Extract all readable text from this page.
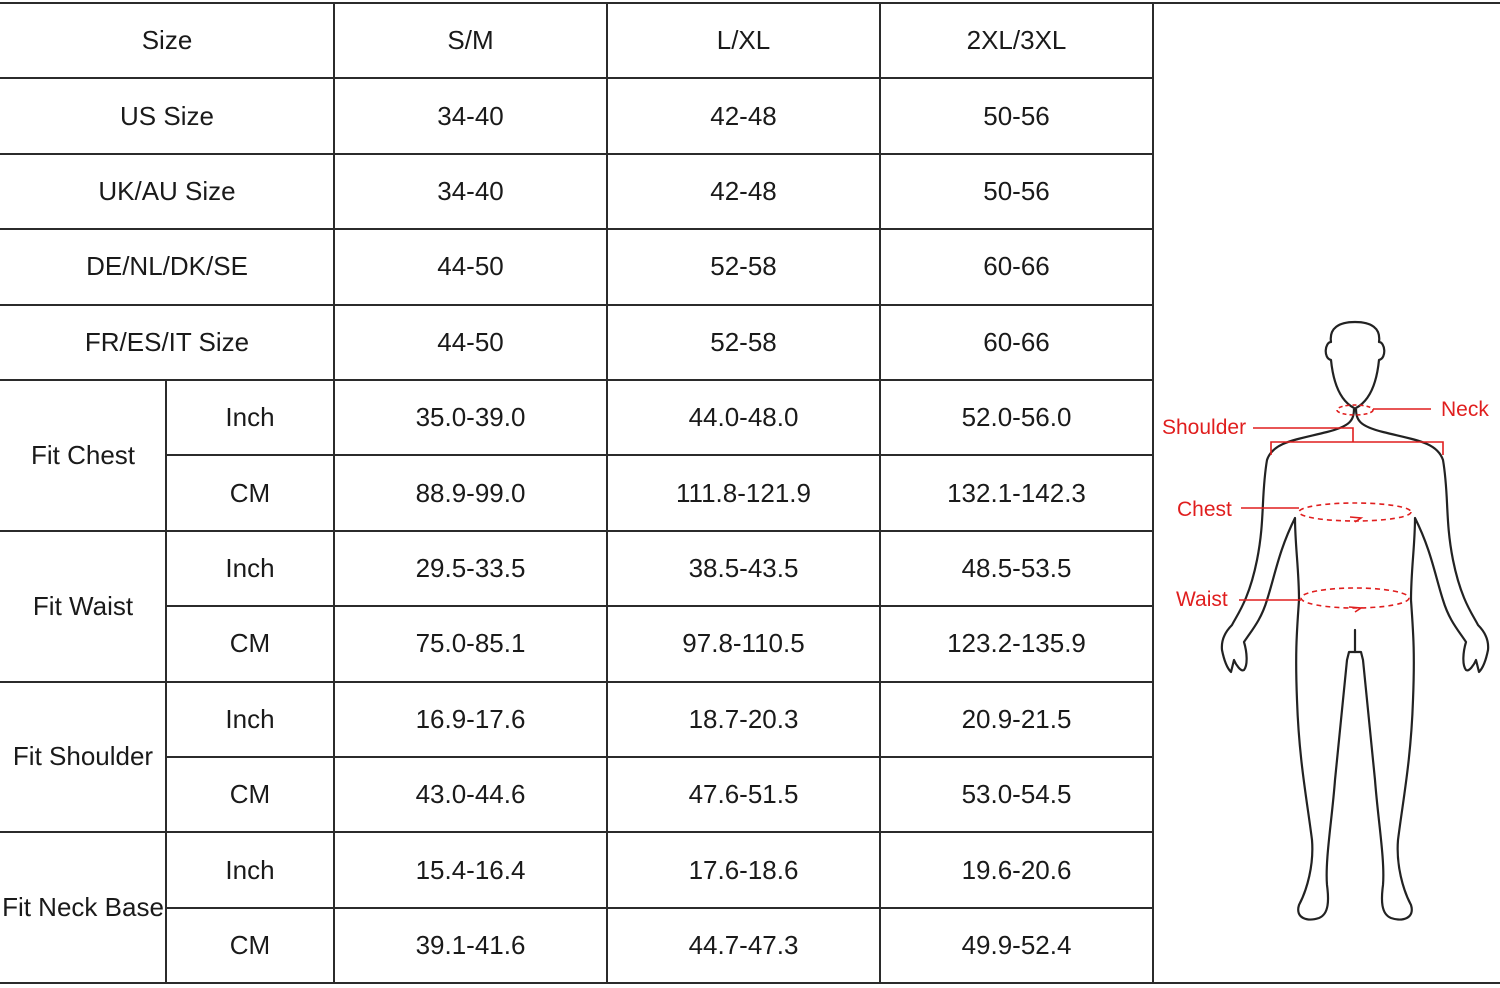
Size	S/M	L/XL	2XL/3XL
US Size	34-40	42-48	50-56
UK/AU Size	34-40	42-48	50-56
DE/NL/DK/SE	44-50	52-58	60-66
FR/ES/IT Size	44-50	52-58	60-66
Fit Chest
Inch	35.0-39.0	44.0-48.0	52.0-56.0
CM	88.9-99.0	111.8-121.9	132.1-142.3
Fit Waist
Inch	29.5-33.5	38.5-43.5	48.5-53.5
CM	75.0-85.1	97.8-110.5	123.2-135.9
Fit Shoulder
Inch	16.9-17.6	18.7-20.3	20.9-21.5
CM	43.0-44.6	47.6-51.5	53.0-54.5
Fit Neck Base
Inch	15.4-16.4	17.6-18.6	19.6-20.6
CM	39.1-41.6	44.7-47.3	49.9-52.4
Neck
Shoulder
Chest
Waist
